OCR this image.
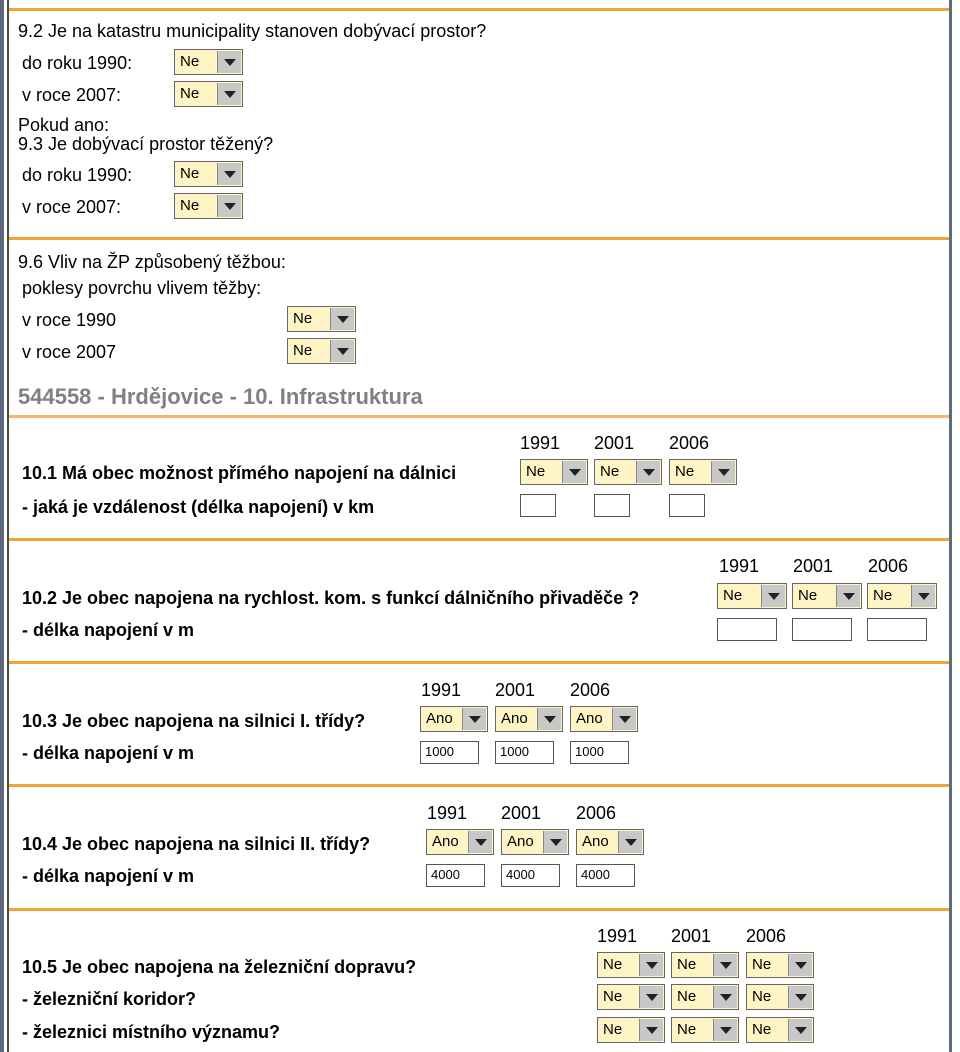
9.2 Je na katastru municipality stanoven dobývací prostor?
do roku 1990:	Ne
v roce 2007:	Ne
Pokud ano:
9.3 Je dobývací prostor těžený?
do roku 1990:	Ne
v roce 2007:	Ne
9.6 Vliv na ŽP způsobený těžbou:
poklesy povrchu vlivem těžby:
v roce 1990	Ne
v roce 2007	Ne
544558 - Hrdějovice - 10. Infrastruktura
1991 2001 2006
10.1 Má obec možnost přímého napojení na dálnici	Ne	Ne	Ne
- jaká je vzdálenost (délka napojení) v km
1991 2001 2006
10.2 Je obec napojena na rychlost. kom. s funkcí dálničního přivaděče ?	Ne	Ne	Ne
- délka napojení v m
1991 2001 2006
10.3 Je obec napojena na silnici I. třídy?	Ano	Ano	Ano
- délka napojení v m	1000	1000	1000
1991 2001 2006
10.4 Je obec napojena na silnici II. třídy?	Ano	Ano	Ano
- délka napojení v m	4000	4000	4000
1991 2001 2006
10.5 Je obec napojena na železniční dopravu?	Ne	Ne	Ne
- železniční koridor?	Ne	Ne	Ne
- železnici místního významu?	Ne	Ne	Ne
